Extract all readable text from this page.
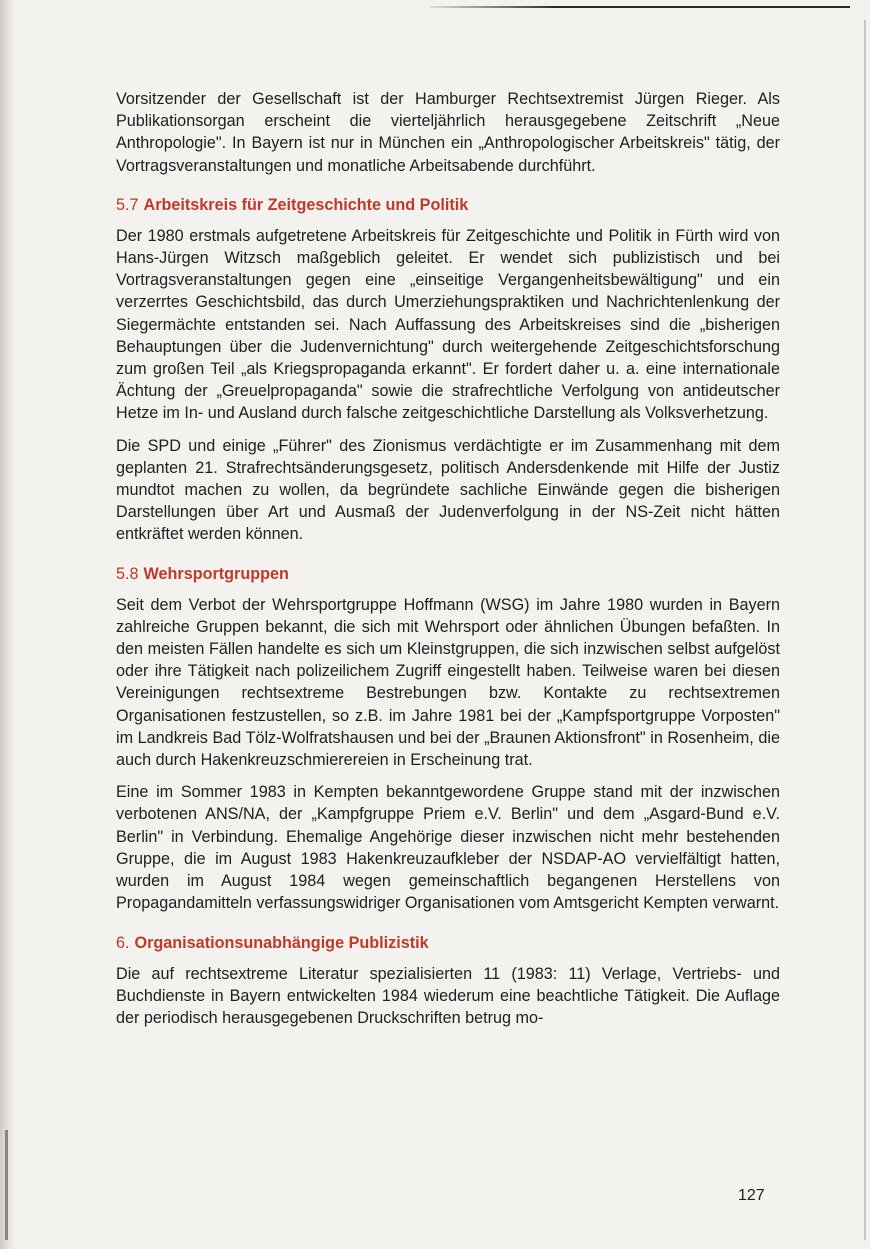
Vorsitzender der Gesellschaft ist der Hamburger Rechtsextremist Jürgen Rieger. Als Publikationsorgan erscheint die vierteljährlich herausgegebene Zeitschrift „Neue Anthropologie". In Bayern ist nur in München ein „Anthropologischer Arbeitskreis" tätig, der Vortragsveranstaltungen und monatliche Arbeitsabende durchführt.

5.7 Arbeitskreis für Zeitgeschichte und Politik

Der 1980 erstmals aufgetretene Arbeitskreis für Zeitgeschichte und Politik in Fürth wird von Hans-Jürgen Witzsch maßgeblich geleitet. Er wendet sich publizistisch und bei Vortragsveranstaltungen gegen eine „einseitige Vergangenheitsbewältigung" und ein verzerrtes Geschichtsbild, das durch Umerziehungspraktiken und Nachrichtenlenkung der Siegermächte entstanden sei. Nach Auffassung des Arbeitskreises sind die „bisherigen Behauptungen über die Judenvernichtung" durch weitergehende Zeitgeschichtsforschung zum großen Teil „als Kriegspropaganda erkannt". Er fordert daher u. a. eine internationale Ächtung der „Greuelpropaganda" sowie die strafrechtliche Verfolgung von antideutscher Hetze im In- und Ausland durch falsche zeitgeschichtliche Darstellung als Volksverhetzung.

Die SPD und einige „Führer" des Zionismus verdächtigte er im Zusammenhang mit dem geplanten 21. Strafrechtsänderungsgesetz, politisch Andersdenkende mit Hilfe der Justiz mundtot machen zu wollen, da begründete sachliche Einwände gegen die bisherigen Darstellungen über Art und Ausmaß der Judenverfolgung in der NS-Zeit nicht hätten entkräftet werden können.

5.8 Wehrsportgruppen

Seit dem Verbot der Wehrsportgruppe Hoffmann (WSG) im Jahre 1980 wurden in Bayern zahlreiche Gruppen bekannt, die sich mit Wehrsport oder ähnlichen Übungen befaßten. In den meisten Fällen handelte es sich um Kleinstgruppen, die sich inzwischen selbst aufgelöst oder ihre Tätigkeit nach polizeilichem Zugriff eingestellt haben. Teilweise waren bei diesen Vereinigungen rechtsextreme Bestrebungen bzw. Kontakte zu rechtsextremen Organisationen festzustellen, so z.B. im Jahre 1981 bei der „Kampfsportgruppe Vorposten" im Landkreis Bad Tölz-Wolfratshausen und bei der „Braunen Aktionsfront" in Rosenheim, die auch durch Hakenkreuzschmierereien in Erscheinung trat.

Eine im Sommer 1983 in Kempten bekanntgewordene Gruppe stand mit der inzwischen verbotenen ANS/NA, der „Kampfgruppe Priem e.V. Berlin" und dem „Asgard-Bund e.V. Berlin" in Verbindung. Ehemalige Angehörige dieser inzwischen nicht mehr bestehenden Gruppe, die im August 1983 Hakenkreuzaufkleber der NSDAP-AO vervielfältigt hatten, wurden im August 1984 wegen gemeinschaftlich begangenen Herstellens von Propagandamitteln verfassungswidriger Organisationen vom Amtsgericht Kempten verwarnt.

6. Organisationsunabhängige Publizistik

Die auf rechtsextreme Literatur spezialisierten 11 (1983: 11) Verlage, Vertriebs- und Buchdienste in Bayern entwickelten 1984 wiederum eine beachtliche Tätigkeit. Die Auflage der periodisch herausgegebenen Druckschriften betrug mo-

127
